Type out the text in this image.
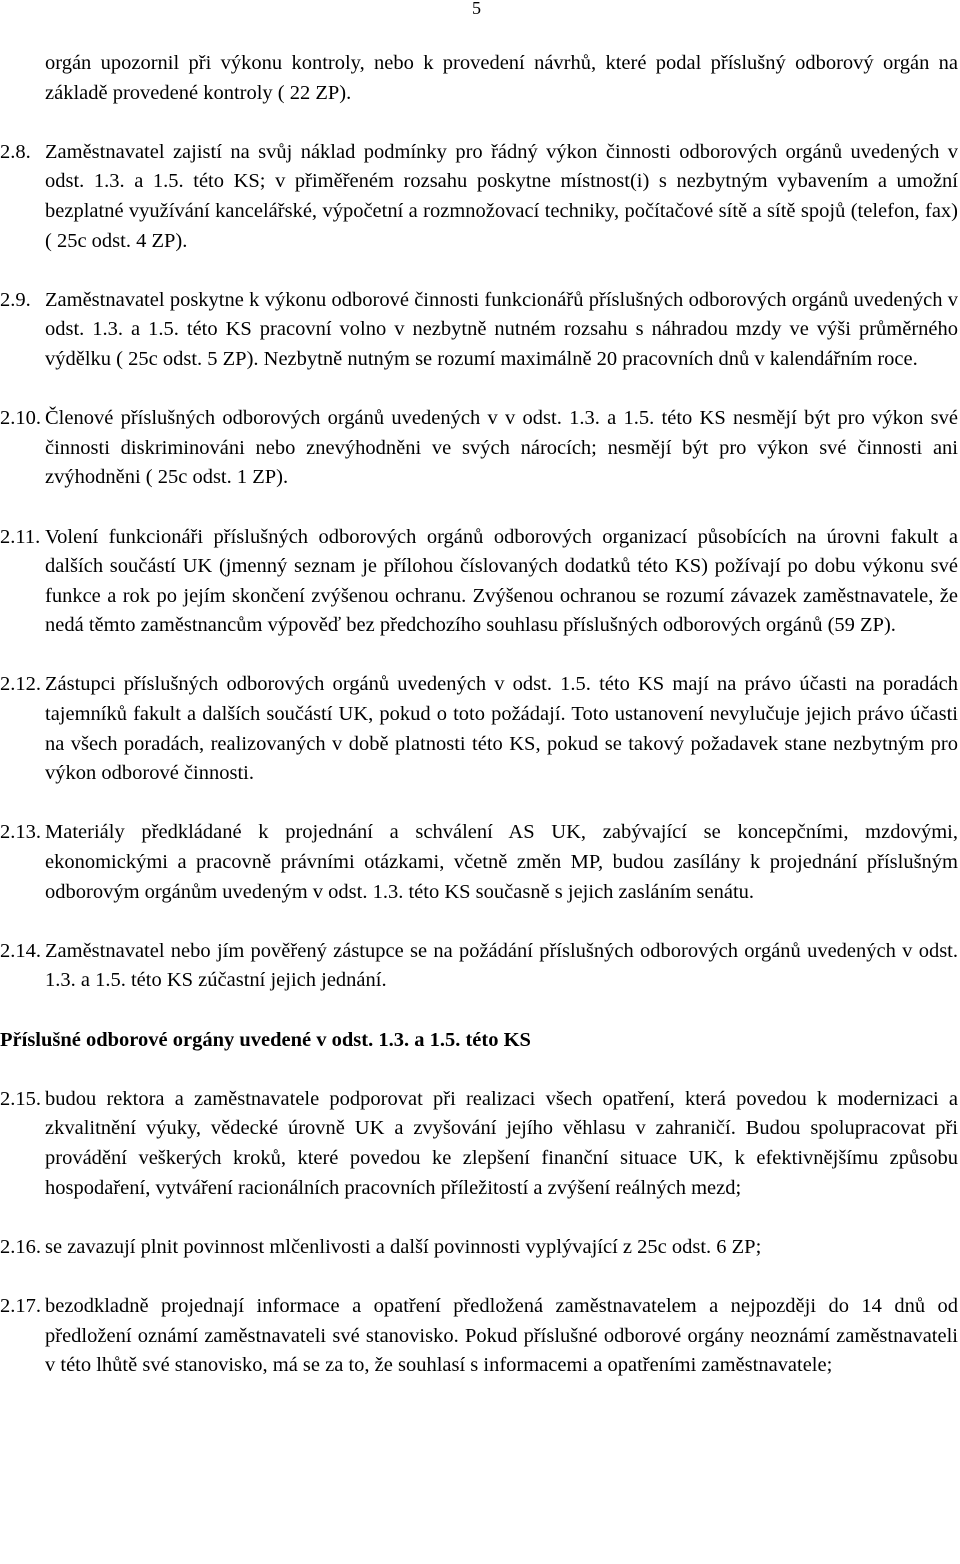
5
orgán upozornil při výkonu kontroly, nebo k provedení návrhů, které podal příslušný odborový orgán na základě provedené kontroly ( 22 ZP).
2.8. Zaměstnavatel zajistí na svůj náklad podmínky pro řádný výkon činnosti odborových orgánů uvedených v odst. 1.3. a 1.5. této KS; v přiměřeném rozsahu poskytne místnost(i) s nezbytným vybavením a umožní bezplatné využívání kancelářské, výpočetní a rozmnožovací techniky, počítačové sítě a sítě spojů (telefon, fax) ( 25c odst. 4 ZP).
2.9. Zaměstnavatel poskytne k výkonu odborové činnosti funkcionářů příslušných odborových orgánů uvedených v odst. 1.3. a 1.5. této KS pracovní volno v nezbytně nutném rozsahu s náhradou mzdy ve výši průměrného výdělku ( 25c odst. 5 ZP). Nezbytně nutným se rozumí maximálně 20 pracovních dnů v kalendářním roce.
2.10. Členové příslušných odborových orgánů uvedených v v odst. 1.3. a 1.5. této KS nesmějí být pro výkon své činnosti diskriminováni nebo znevýhodněni ve svých nárocích; nesmějí být pro výkon své činnosti ani zvýhodněni ( 25c odst. 1 ZP).
2.11. Volení funkcionáři příslušných odborových orgánů odborových organizací působících na úrovni fakult a dalších součástí UK (jmenný seznam je přílohou číslovaných dodatků této KS) požívají po dobu výkonu své funkce a rok po jejím skončení zvýšenou ochranu. Zvýšenou ochranou se rozumí závazek zaměstnavatele, že nedá těmto zaměstnancům výpověď bez předchozího souhlasu příslušných odborových orgánů (59 ZP).
2.12. Zástupci příslušných odborových orgánů uvedených v odst. 1.5. této KS mají na právo účasti na poradách tajemníků fakult a dalších součástí UK, pokud o toto požádají. Toto ustanovení nevylučuje jejich právo účasti na všech poradách, realizovaných v době platnosti této KS, pokud se takový požadavek stane nezbytným pro výkon odborové činnosti.
2.13. Materiály předkládané k projednání a schválení AS UK, zabývající se koncepčními, mzdovými, ekonomickými a pracovně právními otázkami, včetně změn MP, budou zasílány k projednání příslušným odborovým orgánům uvedeným v odst. 1.3. této KS současně s jejich zasláním senátu.
2.14. Zaměstnavatel nebo jím pověřený zástupce se na požádání příslušných odborových orgánů uvedených v odst. 1.3. a 1.5. této KS zúčastní jejich jednání.
Příslušné odborové orgány uvedené v odst. 1.3. a 1.5. této KS
2.15. budou rektora a zaměstnavatele podporovat při realizaci všech opatření, která povedou k modernizaci a zkvalitnění výuky, vědecké úrovně UK a zvyšování jejího věhlasu v zahraničí. Budou spolupracovat při provádění veškerých kroků, které povedou ke zlepšení finanční situace UK, k efektivnějšímu způsobu hospodaření, vytváření racionálních pracovních příležitostí a zvýšení reálných mezd;
2.16. se zavazují plnit povinnost mlčenlivosti a další povinnosti vyplývající z 25c odst. 6 ZP;
2.17. bezodkladně projednají informace a opatření předložená zaměstnavatelem a nejpozději do 14 dnů od předložení oznámí zaměstnavateli své stanovisko. Pokud příslušné odborové orgány neoznámí zaměstnavateli v této lhůtě své stanovisko, má se za to, že souhlasí s informacemi a opatřeními zaměstnavatele;
